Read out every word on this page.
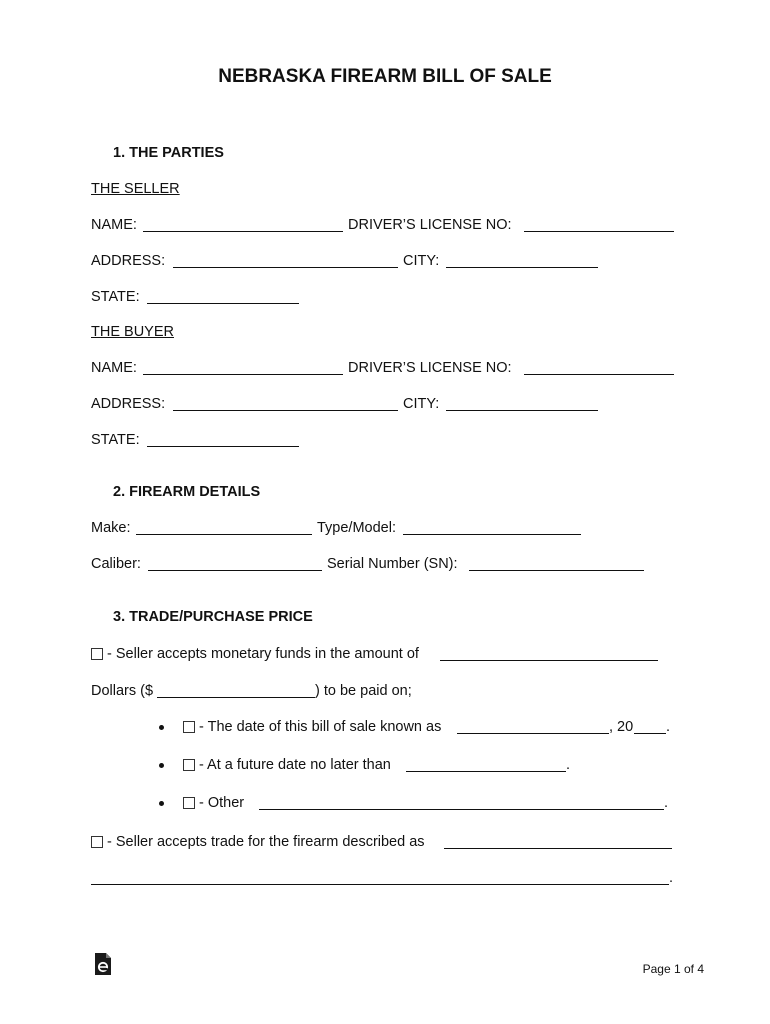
NEBRASKA FIREARM BILL OF SALE
1. THE PARTIES
THE SELLER
NAME:	DRIVER’S LICENSE NO:
ADDRESS:	CITY:
STATE:
THE BUYER
NAME:	DRIVER’S LICENSE NO:
ADDRESS:	CITY:
STATE:
2. FIREARM DETAILS
Make:	Type/Model:
Caliber:	Serial Number (SN):
3. TRADE/PURCHASE PRICE
- Seller accepts monetary funds in the amount of
Dollars ($	) to be paid on;
- The date of this bill of sale known as	, 20 .
- At a future date no later than	.
- Other	.
- Seller accepts trade for the firearm described as
.
Page 1 of 4
